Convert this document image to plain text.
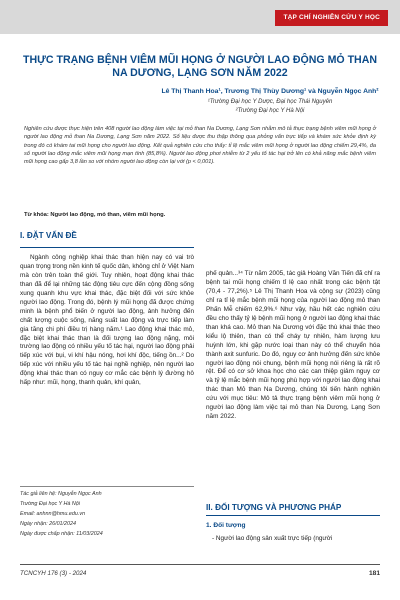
TẠP CHÍ NGHIÊN CỨU Y HỌC
THỰC TRẠNG BỆNH VIÊM MŨI HỌNG Ở NGƯỜI LAO ĐỘNG MỎ THAN NA DƯƠNG, LẠNG SƠN NĂM 2022
Lê Thị Thanh Hoa¹, Trương Thị Thùy Dương¹ và Nguyễn Ngọc Anh²
¹Trường Đại học Y Dược, Đại học Thái Nguyên
²Trường Đại học Y Hà Nội
Nghiên cứu được thực hiện trên 408 người lao động làm việc tại mỏ than Na Dương, Lạng Sơn nhằm mô tả thực trạng bệnh viêm mũi họng ở người lao động mỏ than Na Dương, Lạng Sơn năm 2022. Số liệu được thu thập thông qua phỏng vấn trực tiếp và khám sức khỏe định kỳ trong đó có khám tai mũi họng cho người lao động. Kết quả nghiên cứu cho thấy: tỉ lệ mắc viêm mũi họng ở người lao động chiếm 29,4%, đa số người lao động mắc viêm mũi họng mạn tính (85,8%). Người lao động phơi nhiễm từ 2 yếu tố tác hại trở lên có khả năng mắc bệnh viêm mũi họng cao gấp 3,8 lần so với nhóm người lao động còn lại với (p < 0,001).
Từ khóa: Người lao động, mỏ than, viêm mũi họng.
I. ĐẶT VẤN ĐỀ
Ngành công nghiệp khai thác than hiện nay có vai trò quan trọng trong nền kinh tế quốc dân, không chỉ ở Việt Nam mà còn trên toàn thế giới. Tuy nhiên, hoạt động khai thác than đã để lại những tác động tiêu cực đến cộng đồng sống xung quanh khu vực khai thác, đặc biệt đối với sức khỏe người lao động. Trong đó, bệnh lý mũi họng đã được chứng minh là bệnh phổ biến ở người lao động, ảnh hưởng đến chất lượng cuộc sống, năng suất lao động và trực tiếp làm gia tăng chi phí điều trị hàng năm.¹ Lao động khai thác mỏ, đặc biệt khai thác than là đối tượng lao động nặng, môi trường lao động có nhiều yếu tố tác hại, người lao động phải tiếp xúc với bụi, vi khí hậu nóng, hơi khí độc, tiếng ồn...² Do tiếp xúc với nhiều yếu tố tác hại nghề nghiệp, nên người lao động khai thác than có nguy cơ mắc các bệnh lý đường hô hấp như: mũi, họng, thanh quản, khí quản,
phế quản...³⁴ Từ năm 2005, tác giả Hoàng Văn Tiến đã chỉ ra bệnh tai mũi họng chiếm tỉ lệ cao nhất trong các bệnh tật (70,4 - 77,2%).⁵ Lê Thị Thanh Hoa và cộng sự (2023) cũng chỉ ra tỉ lệ mắc bệnh mũi họng của người lao động mỏ than Phấn Mễ chiếm 62,9%.⁶ Như vậy, hầu hết các nghiên cứu đều cho thấy tỷ lệ bệnh mũi họng ở người lao động khai thác than khá cao. Mỏ than Na Dương với đặc thù khai thác theo kiểu lộ thiên, than có thể cháy tự nhiên, hàm lượng lưu huỳnh lớn, khi gặp nước loại than này có thể chuyển hóa thành axit sunfuric. Do đó, nguy cơ ảnh hưởng đến sức khỏe người lao động nói chung, bệnh mũi họng nói riêng là rất rõ rệt. Để có cơ sở khoa học cho các can thiệp giảm nguy cơ và tỷ lệ mắc bệnh mũi họng phù hợp với người lao động khai thác than Mỏ than Na Dương, chúng tôi tiến hành nghiên cứu với mục tiêu: Mô tả thực trạng bệnh viêm mũi họng ở người lao động làm việc tại mỏ than Na Dương, Lạng Sơn năm 2022.
II. ĐỐI TƯỢNG VÀ PHƯƠNG PHÁP
1. Đối tượng
- Người lao động sản xuất trực tiếp (người
Tác giả liên hệ: Nguyễn Ngọc Anh
Trường Đại học Y Hà Nội
Email: anhnn@hmu.edu.vn
Ngày nhận: 26/01/2024
Ngày được chấp nhận: 11/03/2024
TCNCYH 176 (3) - 2024	181
